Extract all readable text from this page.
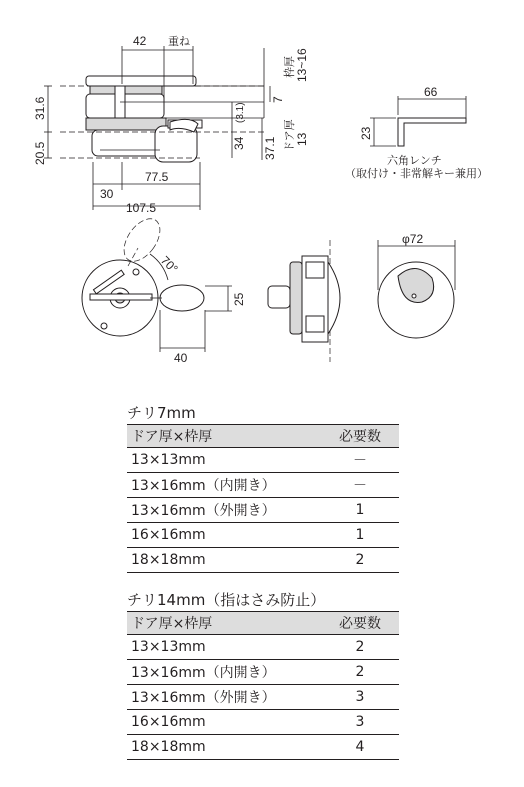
42 重ね
31.6
20.5
枠厚 13~16
7
(3.1)
34 37.1 ドア厚 13
77.5
30
107.5
66
23
六角レンチ
（取付け・非常解キー兼用）
70°
25
40
φ72
チリ7mm
ドア厚×枠厚	必要数
13×13mm	－
13×16mm（内開き）	－
13×16mm（外開き）	1
16×16mm	1
18×18mm	2
チリ14mm（指はさみ防止）
ドア厚×枠厚	必要数
13×13mm	2
13×16mm（内開き）	2
13×16mm（外開き）	3
16×16mm	3
18×18mm	4
